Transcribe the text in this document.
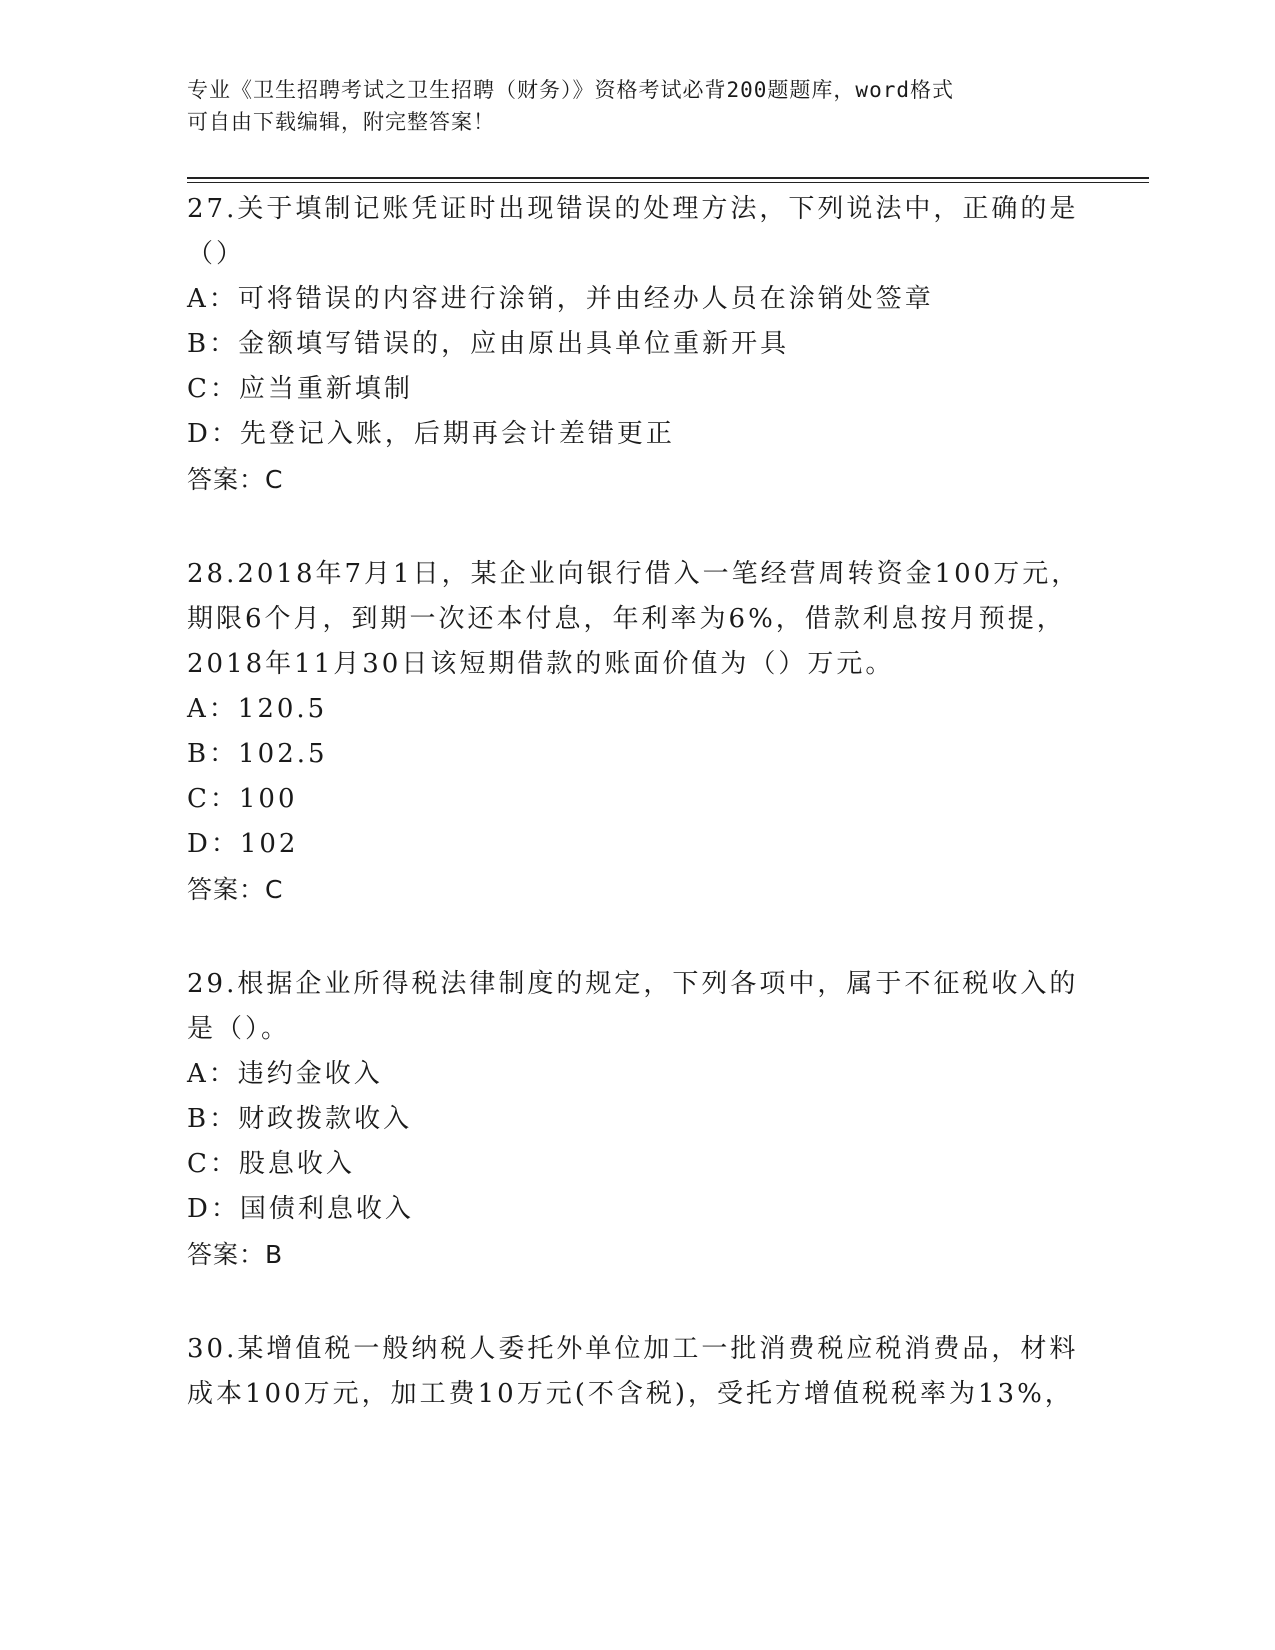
专业《卫生招聘考试之卫生招聘（财务）》资格考试必背200题题库，word格式
可自由下载编辑，附完整答案！
27.关于填制记账凭证时出现错误的处理方法，下列说法中，正确的是
（）
A：可将错误的内容进行涂销，并由经办人员在涂销处签章
B：金额填写错误的，应由原出具单位重新开具
C：应当重新填制
D：先登记入账，后期再会计差错更正
答案：C
28.2018年7月1日，某企业向银行借入一笔经营周转资金100万元，
期限6个月，到期一次还本付息，年利率为6%，借款利息按月预提，
2018年11月30日该短期借款的账面价值为（）万元。
A：120.5
B：102.5
C：100
D：102
答案：C
29.根据企业所得税法律制度的规定，下列各项中，属于不征税收入的
是（）。
A：违约金收入
B：财政拨款收入
C：股息收入
D：国债利息收入
答案：B
30.某增值税一般纳税人委托外单位加工一批消费税应税消费品，材料
成本100万元，加工费10万元(不含税)，受托方增值税税率为13%，
